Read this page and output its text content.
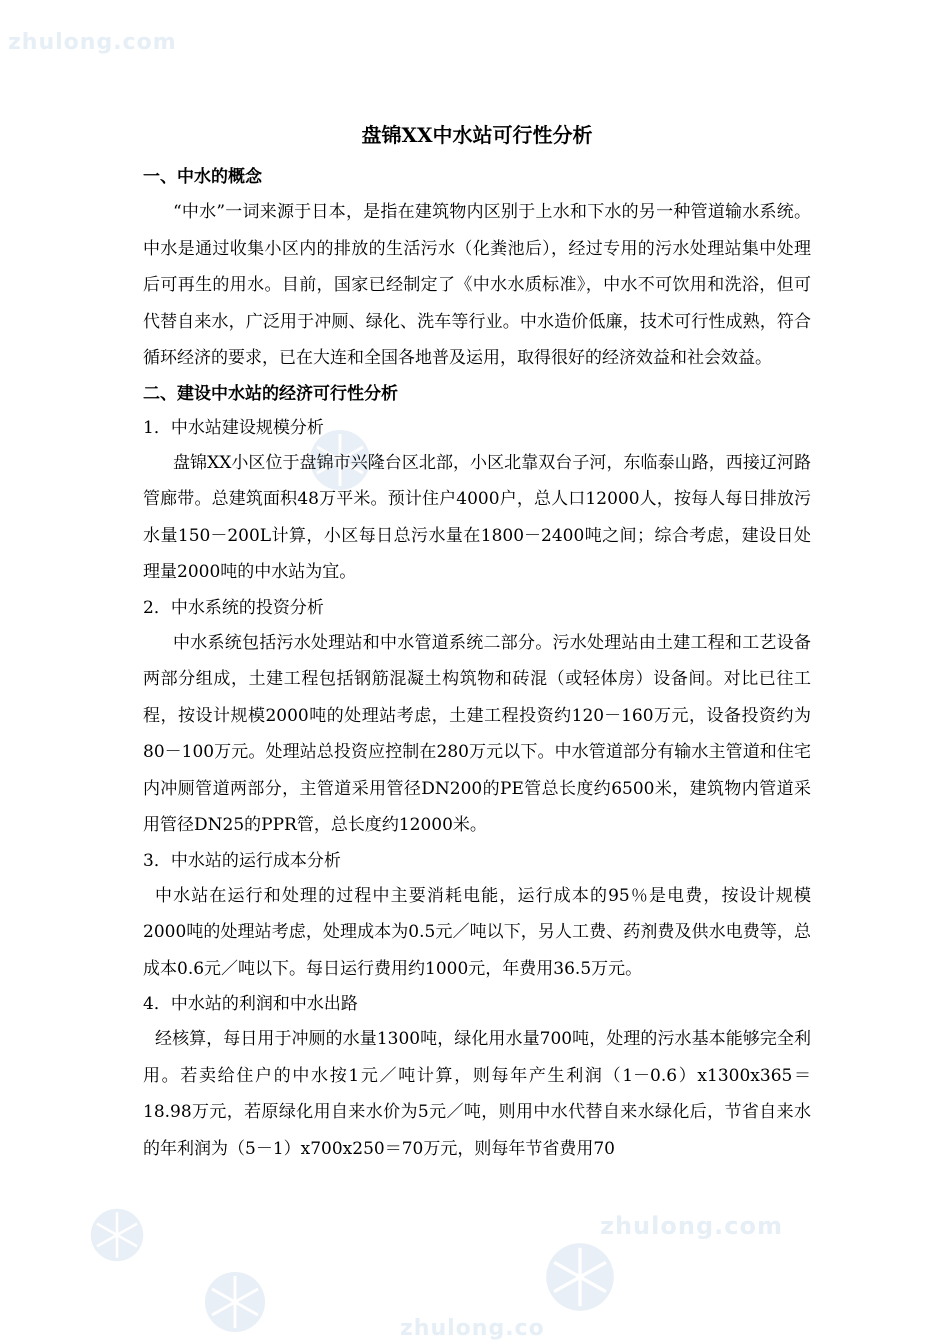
zhulong.com
zhulong.com
zhulong.co
盘锦XX中水站可行性分析
一、中水的概念

“中水”一词来源于日本，是指在建筑物内区别于上水和下水的另一种管道输水系统。中水是通过收集小区内的排放的生活污水（化粪池后），经过专用的污水处理站集中处理后可再生的用水。目前，国家已经制定了《中水水质标准》，中水不可饮用和洗浴，但可代替自来水，广泛用于冲厕、绿化、洗车等行业。中水造价低廉，技术可行性成熟，符合循环经济的要求，已在大连和全国各地普及运用，取得很好的经济效益和社会效益。

二、建设中水站的经济可行性分析
1．中水站建设规模分析

盘锦XX小区位于盘锦市兴隆台区北部，小区北靠双台子河，东临泰山路，西接辽河路管廊带。总建筑面积48万平米。预计住户4000户，总人口12000人，按每人每日排放污水量150－200L计算，小区每日总污水量在1800－2400吨之间；综合考虑，建设日处理量2000吨的中水站为宜。

2．中水系统的投资分析

中水系统包括污水处理站和中水管道系统二部分。污水处理站由土建工程和工艺设备两部分组成，土建工程包括钢筋混凝土构筑物和砖混（或轻体房）设备间。对比已往工程，按设计规模2000吨的处理站考虑，土建工程投资约120－160万元，设备投资约为80－100万元。处理站总投资应控制在280万元以下。中水管道部分有输水主管道和住宅内冲厕管道两部分，主管道采用管径DN200的PE管总长度约6500米，建筑物内管道采用管径DN25的PPR管，总长度约12000米。

3．中水站的运行成本分析

中水站在运行和处理的过程中主要消耗电能，运行成本的95％是电费，按设计规模2000吨的处理站考虑，处理成本为0.5元／吨以下，另人工费、药剂费及供水电费等，总成本0.6元／吨以下。每日运行费用约1000元，年费用36.5万元。

4．中水站的利润和中水出路

经核算，每日用于冲厕的水量1300吨，绿化用水量700吨，处理的污水基本能够完全利用。若卖给住户的中水按1元／吨计算，则每年产生利润（1－0.6）x1300x365＝18.98万元，若原绿化用自来水价为5元／吨，则用中水代替自来水绿化后，节省自来水的年利润为（5－1）x700x250＝70万元，则每年节省费用70
